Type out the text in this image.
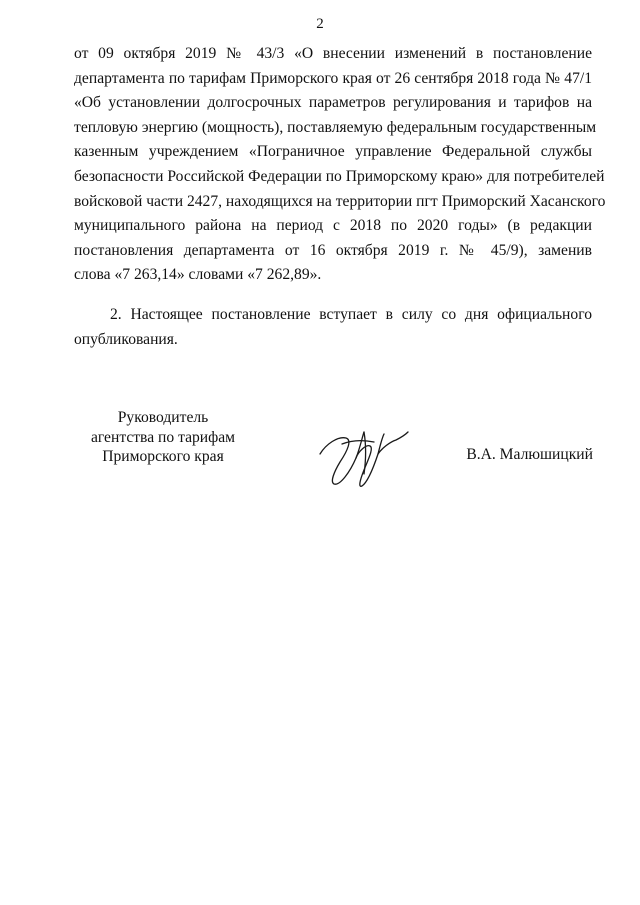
2
от 09 октября 2019 № 43/3 «О внесении изменений в постановление
департамента по тарифам Приморского края от 26 сентября 2018 года № 47/1
«Об установлении долгосрочных параметров регулирования и тарифов на
тепловую энергию (мощность), поставляемую федеральным государственным
казенным учреждением «Пограничное управление Федеральной службы
безопасности Российской Федерации по Приморскому краю» для потребителей
войсковой части 2427, находящихся на территории пгт Приморский Хасанского
муниципального района на период с 2018 по 2020 годы» (в редакции
постановления департамента от 16 октября 2019 г. № 45/9), заменив
слова «7 263,14» словами «7 262,89».
2. Настоящее постановление вступает в силу со дня официального
опубликования.
Руководитель
агентства по тарифам
Приморского края	В.А. Малюшицкий
